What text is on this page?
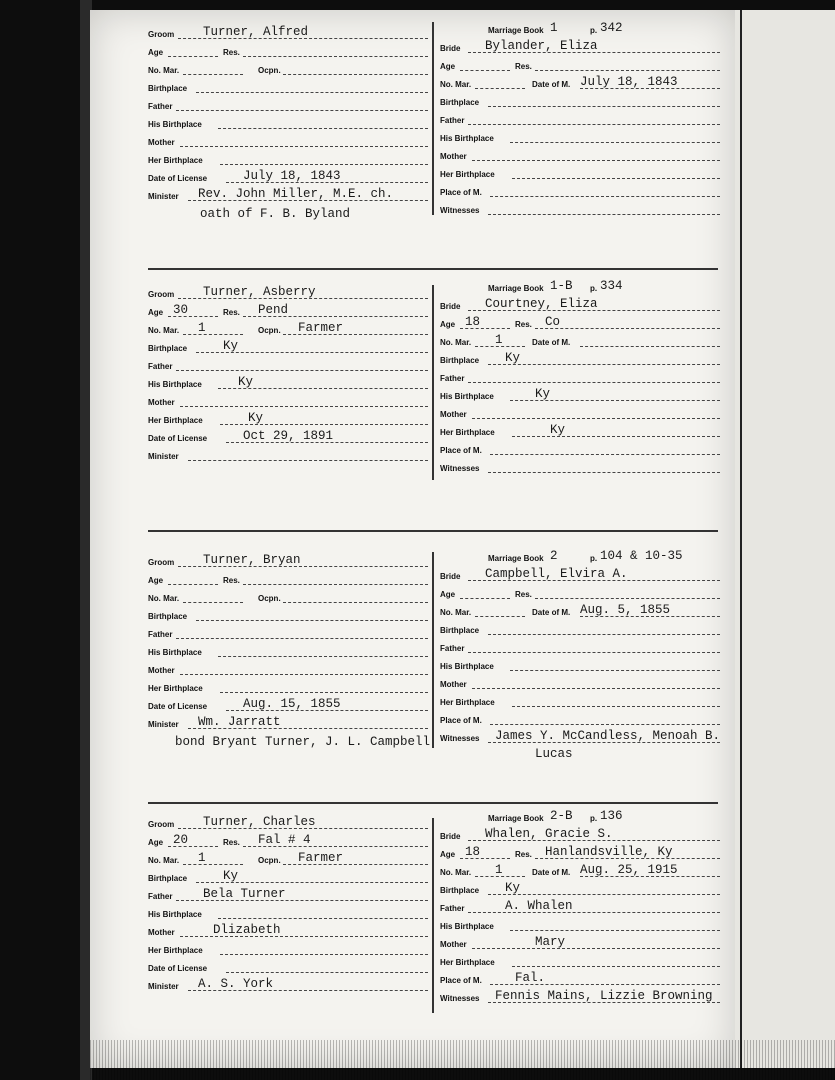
Groom Turner, Alfred
Age	Res.
No. Mar.	Ocpn.
Birthplace
Father
His Birthplace
Mother
Her Birthplace
Date of License	July 18, 1843
Minister Rev. John Miller, M.E. ch.
oath of F. B. Byland
Marriage Book 1	p. 342
Bride Bylander, Eliza
Age	Res.
No. Mar.	Date of M. July 18, 1843
Birthplace
Father
His Birthplace
Mother
Her Birthplace
Place of M.
Witnesses
Groom Turner, Asberry
Age 30	Res. Pend
No. Mar. 1	Ocpn. Farmer
Birthplace	Ky
Father
His Birthplace	Ky
Mother
Her Birthplace	Ky
Date of License	Oct 29, 1891
Minister
Marriage Book 1-B p. 334
Bride Courtney, Eliza
Age 18	Res. Co
No. Mar. 1	Date of M.
Birthplace Ky
Father
His Birthplace	Ky
Mother
Her Birthplace	Ky
Place of M.
Witnesses
Groom Turner, Bryan
Age	Res.
No. Mar.	Ocpn.
Birthplace
Father
His Birthplace
Mother
Her Birthplace
Date of License	Aug. 15, 1855
Minister Wm. Jarratt
bond Bryant Turner, J. L. Campbell
Marriage Book 2	p. 104 & 10-35
Bride Campbell, Elvira A.
Age	Res.
No. Mar.	Date of M. Aug. 5, 1855
Birthplace
Father
His Birthplace
Mother
Her Birthplace
Place of M.
Witnesses James Y. McCandless, Menoah B.
Lucas
Groom Turner, Charles
Age 20	Res. Fal # 4
No. Mar. 1	Ocpn. Farmer
Birthplace	Ky
Father Bela Turner
His Birthplace
Mother	Dlizabeth
Her Birthplace
Date of License
Minister A. S. York
Marriage Book 2-B p. 136
Bride Whalen, Gracie S.
Age 18	Res. Hanlandsville, Ky
No. Mar. 1	Date of M. Aug. 25, 1915
Birthplace Ky
Father	A. Whalen
His Birthplace
Mother	Mary
Her Birthplace
Place of M.	Fal.
Witnesses Fennis Mains, Lizzie Browning
